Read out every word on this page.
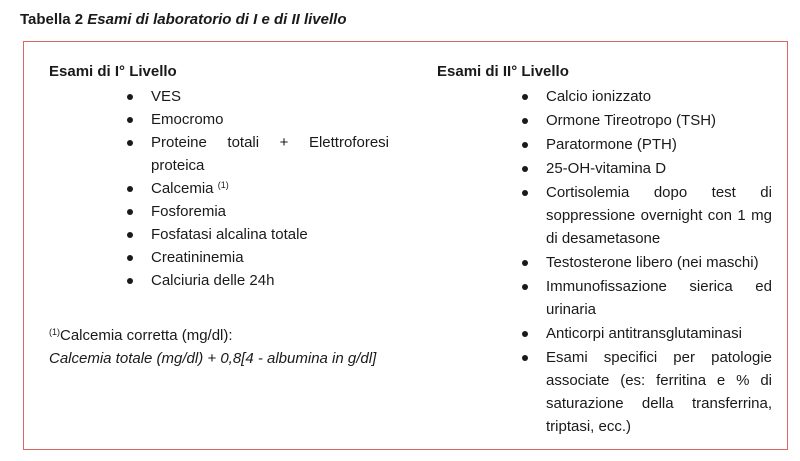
Tabella 2 Esami di laboratorio di I e di II livello
Esami di I° Livello
VES
Emocromo
Proteine totali + Elettroforesi proteica
Calcemia $^{(1)}$
Fosforemia
Fosfatasi alcalina totale
Creatininemia
Calciuria delle 24h
$^{(1)}$Calcemia corretta (mg/dl):
Calcemia totale (mg/dl) + 0,8[4 - albumina in g/dl]
Esami di II° Livello
Calcio ionizzato
Ormone Tireotropo (TSH)
Paratormone (PTH)
25-OH-vitamina D
Cortisolemia dopo test di soppressione overnight con 1 mg di desametasone
Testosterone libero (nei maschi)
Immunofissazione sierica ed urinaria
Anticorpi antitransglutaminasi
Esami specifici per patologie associate (es: ferritina e % di saturazione della transferrina, triptasi, ecc.)
